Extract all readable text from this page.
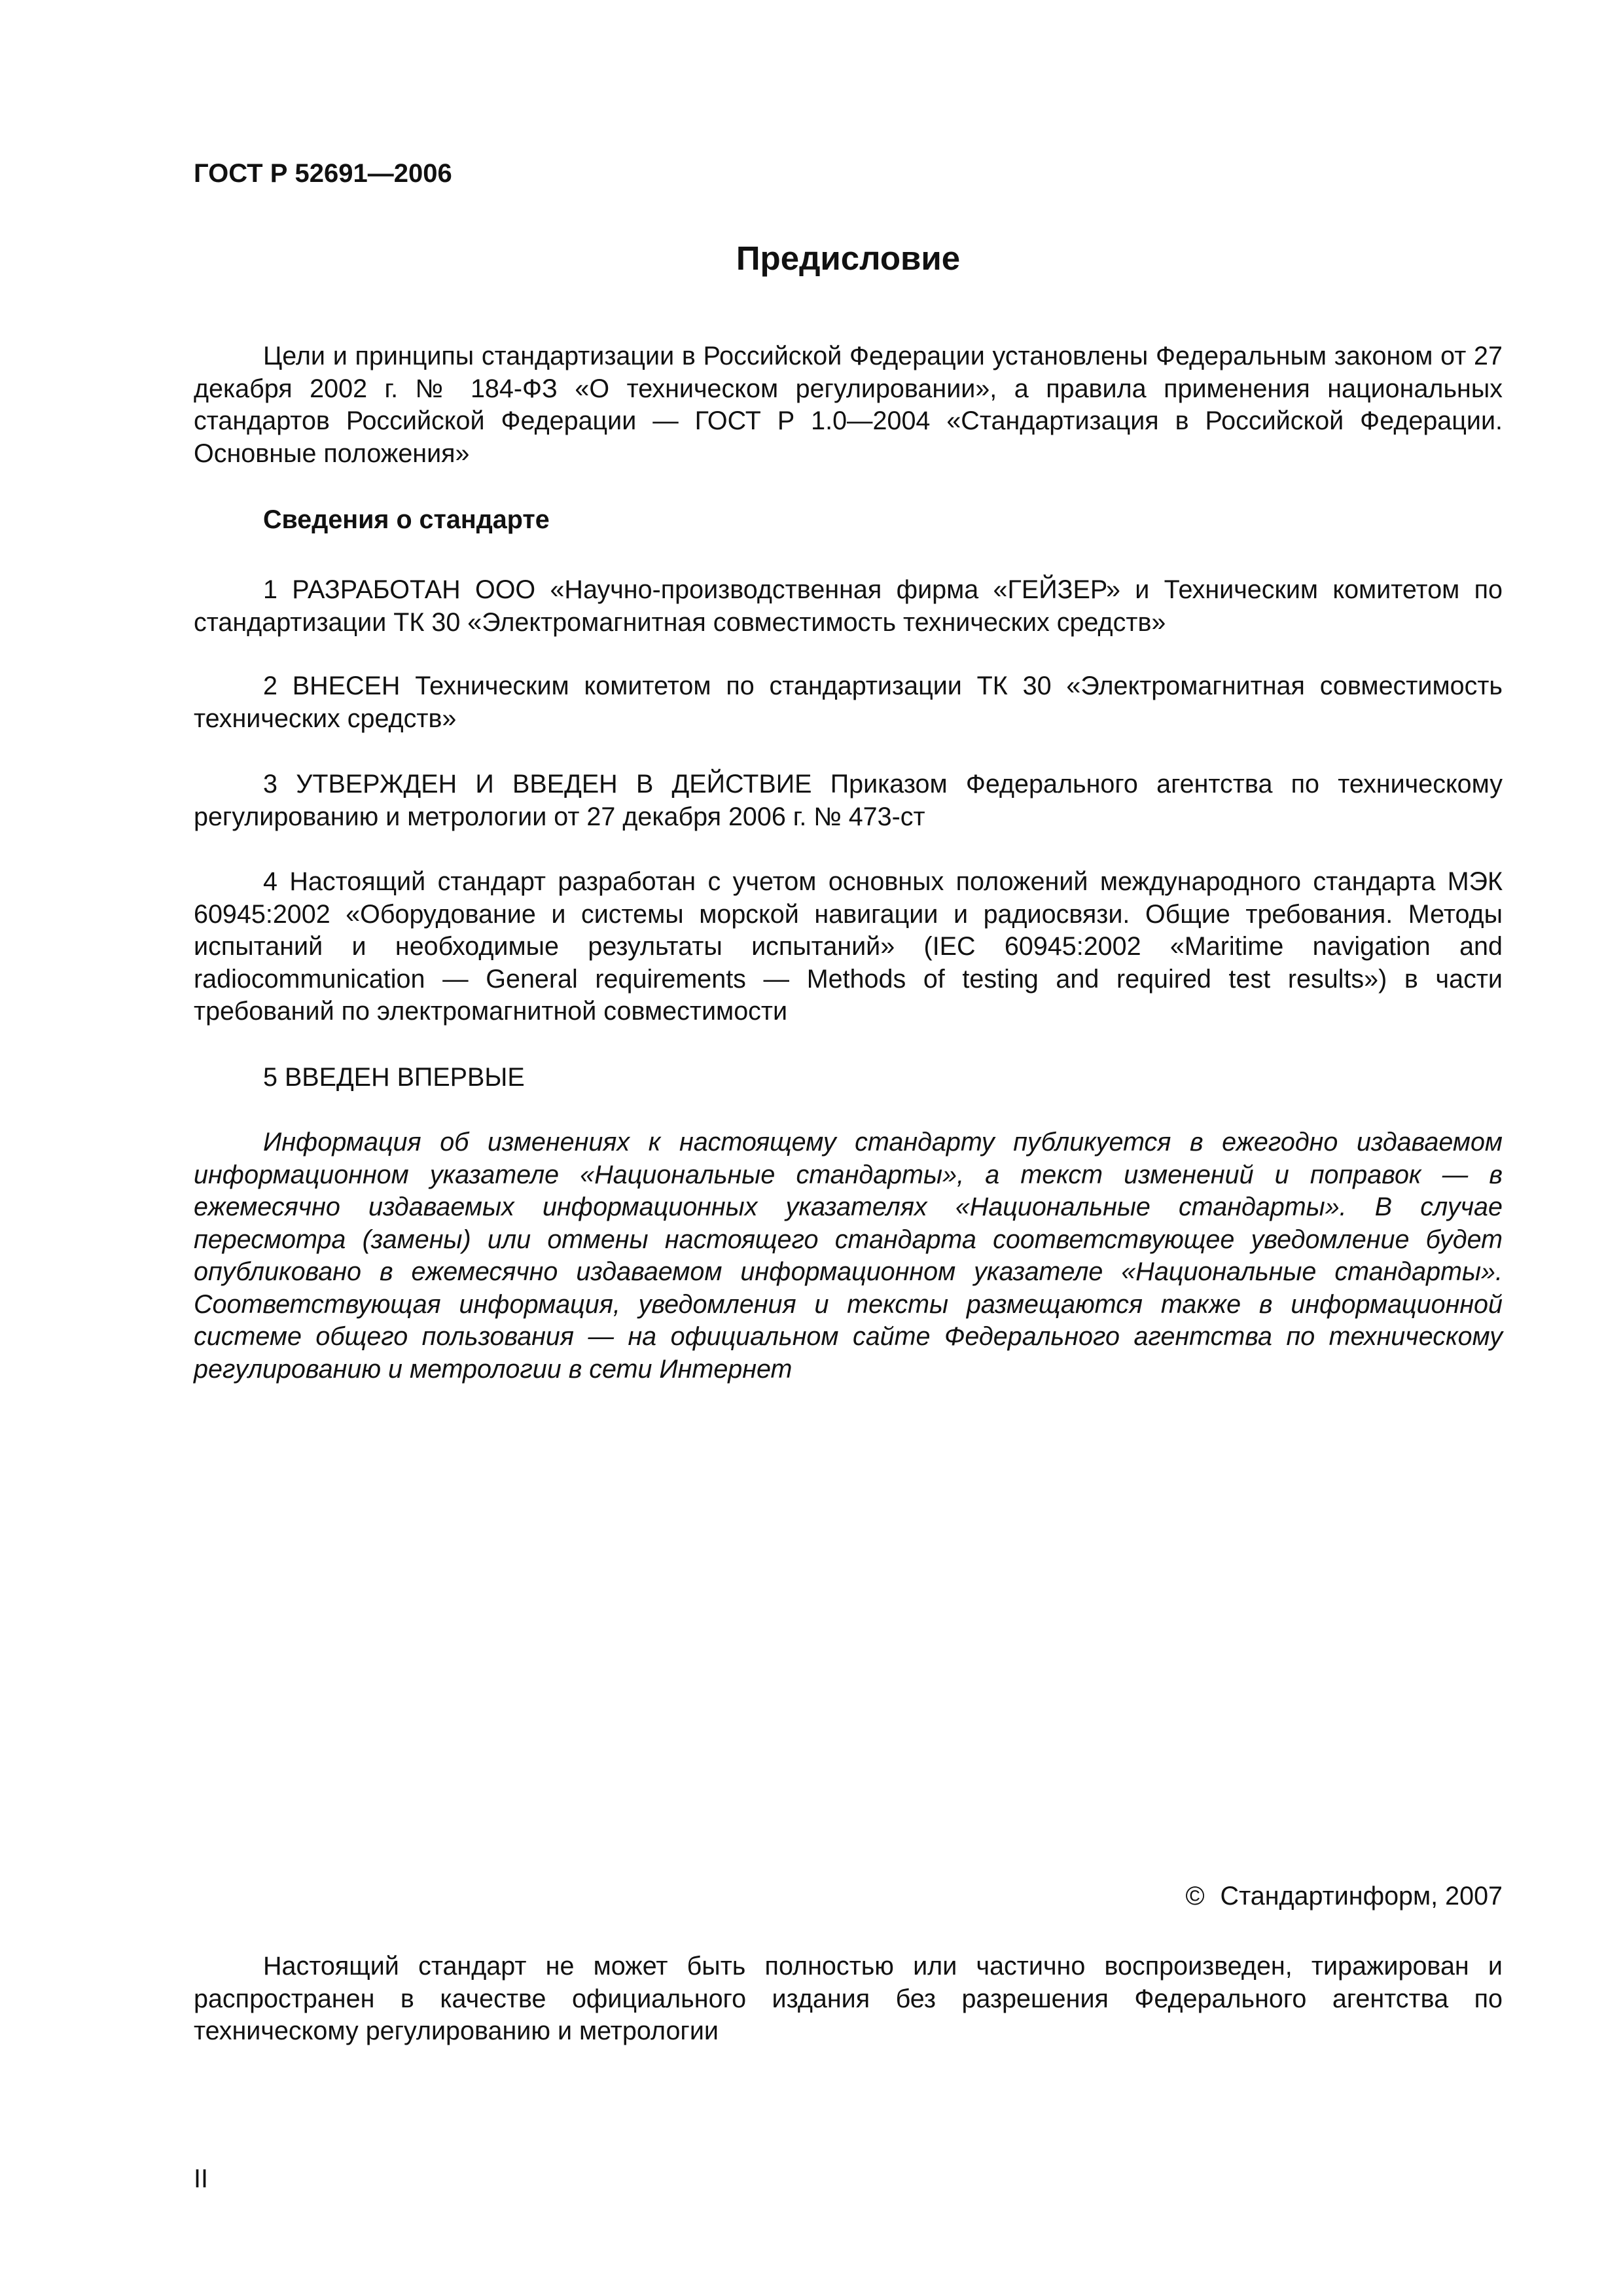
ГОСТ Р 52691—2006

Предисловие

Цели и принципы стандартизации в Российской Федерации установлены Федеральным законом от 27 декабря 2002 г. № 184-ФЗ «О техническом регулировании», а правила применения национальных стандартов Российской Федерации — ГОСТ Р 1.0—2004 «Стандартизация в Российской Федерации. Основные положения»

Сведения о стандарте

1 РАЗРАБОТАН ООО «Научно-производственная фирма «ГЕЙЗЕР» и Техническим комитетом по стандартизации ТК 30 «Электромагнитная совместимость технических средств»

2 ВНЕСЕН Техническим комитетом по стандартизации ТК 30 «Электромагнитная совместимость технических средств»

3 УТВЕРЖДЕН И ВВЕДЕН В ДЕЙСТВИЕ Приказом Федерального агентства по техническому регулированию и метрологии от 27 декабря 2006 г. № 473-ст

4 Настоящий стандарт разработан с учетом основных положений международного стандарта МЭК 60945:2002 «Оборудование и системы морской навигации и радиосвязи. Общие требования. Методы испытаний и необходимые результаты испытаний» (IEC 60945:2002 «Maritime navigation and radiocommunication — General requirements — Methods of testing and required test results») в части требований по электромагнитной совместимости

5 ВВЕДЕН ВПЕРВЫЕ

Информация об изменениях к настоящему стандарту публикуется в ежегодно издаваемом информационном указателе «Национальные стандарты», а текст изменений и поправок — в ежемесячно издаваемых информационных указателях «Национальные стандарты». В случае пересмотра (замены) или отмены настоящего стандарта соответствующее уведомление будет опубликовано в ежемесячно издаваемом информационном указателе «Национальные стандарты». Соответствующая информация, уведомления и тексты размещаются также в информационной системе общего пользования — на официальном сайте Федерального агентства по техническому регулированию и метрологии в сети Интернет

© Стандартинформ, 2007

Настоящий стандарт не может быть полностью или частично воспроизведен, тиражирован и распространен в качестве официального издания без разрешения Федерального агентства по техническому регулированию и метрологии

II
